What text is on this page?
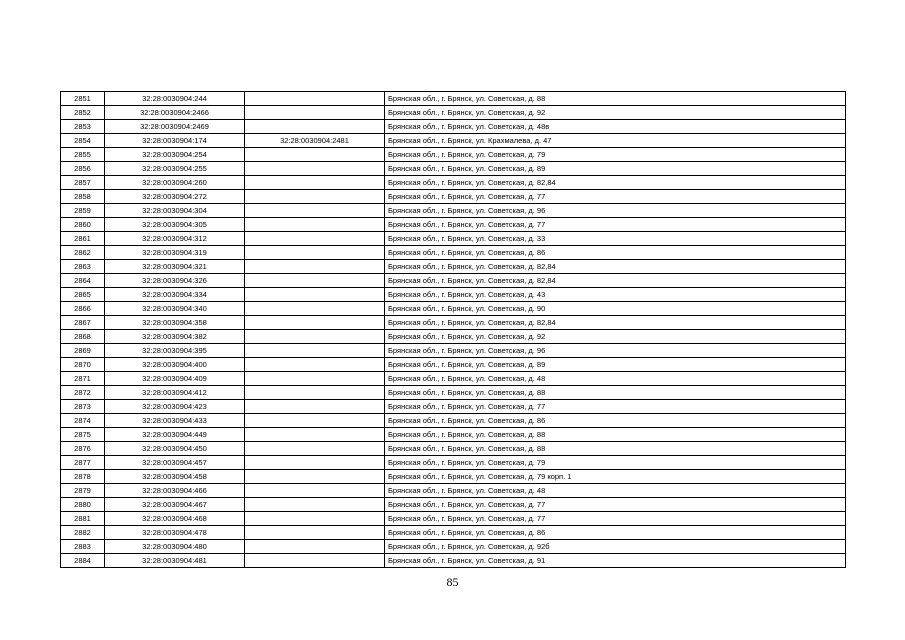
2851	32:28:0030904:244		Брянская обл., г. Брянск, ул. Советская, д. 88
2852	32:28:0030904:2466		Брянская обл., г. Брянск, ул. Советская, д. 92
2853	32:28:0030904:2469		Брянская обл., г. Брянск, ул. Советская, д. 48в
2854	32:28:0030904:174	32:28:0030904:2481	Брянская обл., г. Брянск, ул. Крахмалева, д. 47
2855	32:28:0030904:254		Брянская обл., г. Брянск, ул. Советская, д. 79
2856	32:28:0030904:255		Брянская обл., г. Брянск, ул. Советская, д. 89
2857	32:28:0030904:260		Брянская обл., г. Брянск, ул. Советская, д. 82,84
2858	32:28:0030904:272		Брянская обл., г. Брянск, ул. Советская, д. 77
2859	32:28:0030904:304		Брянская обл., г. Брянск, ул. Советская, д. 96
2860	32:28:0030904:305		Брянская обл., г. Брянск, ул. Советская, д. 77
2861	32:28:0030904:312		Брянская обл., г. Брянск, ул. Советская, д. 33
2862	32:28:0030904:319		Брянская обл., г. Брянск, ул. Советская, д. 86
2863	32:28:0030904:321		Брянская обл., г. Брянск, ул. Советская, д. 82,84
2864	32:28:0030904:326		Брянская обл., г. Брянск, ул. Советская, д. 82,84
2865	32:28:0030904:334		Брянская обл., г. Брянск, ул. Советская, д. 43
2866	32:28:0030904:340		Брянская обл., г. Брянск, ул. Советская, д. 90
2867	32:28:0030904:358		Брянская обл., г. Брянск, ул. Советская, д. 82,84
2868	32:28:0030904:382		Брянская обл., г. Брянск, ул. Советская, д. 92
2869	32:28:0030904:395		Брянская обл., г. Брянск, ул. Советская, д. 96
2870	32:28:0030904:400		Брянская обл., г. Брянск, ул. Советская, д. 89
2871	32:28:0030904:409		Брянская обл., г. Брянск, ул. Советская, д. 48
2872	32:28:0030904:412		Брянская обл., г. Брянск, ул. Советская, д. 88
2873	32:28:0030904:423		Брянская обл., г. Брянск, ул. Советская, д. 77
2874	32:28:0030904:433		Брянская обл., г. Брянск, ул. Советская, д. 86
2875	32:28:0030904:449		Брянская обл., г. Брянск, ул. Советская, д. 88
2876	32:28:0030904:450		Брянская обл., г. Брянск, ул. Советская, д. 88
2877	32:28:0030904:457		Брянская обл., г. Брянск, ул. Советская, д. 79
2878	32:28:0030904:458		Брянская обл., г. Брянск, ул. Советская, д. 79 корп. 1
2879	32:28:0030904:466		Брянская обл., г. Брянск, ул. Советская, д. 48
2880	32:28:0030904:467		Брянская обл., г. Брянск, ул. Советская, д. 77
2881	32:28:0030904:468		Брянская обл., г. Брянск, ул. Советская, д. 77
2882	32:28:0030904:478		Брянская обл., г. Брянск, ул. Советская, д. 86
2883	32:28:0030904:480		Брянская обл., г. Брянск, ул. Советская, д. 92б
2884	32:28:0030904:481		Брянская обл., г. Брянск, ул. Советская, д. 91
85
